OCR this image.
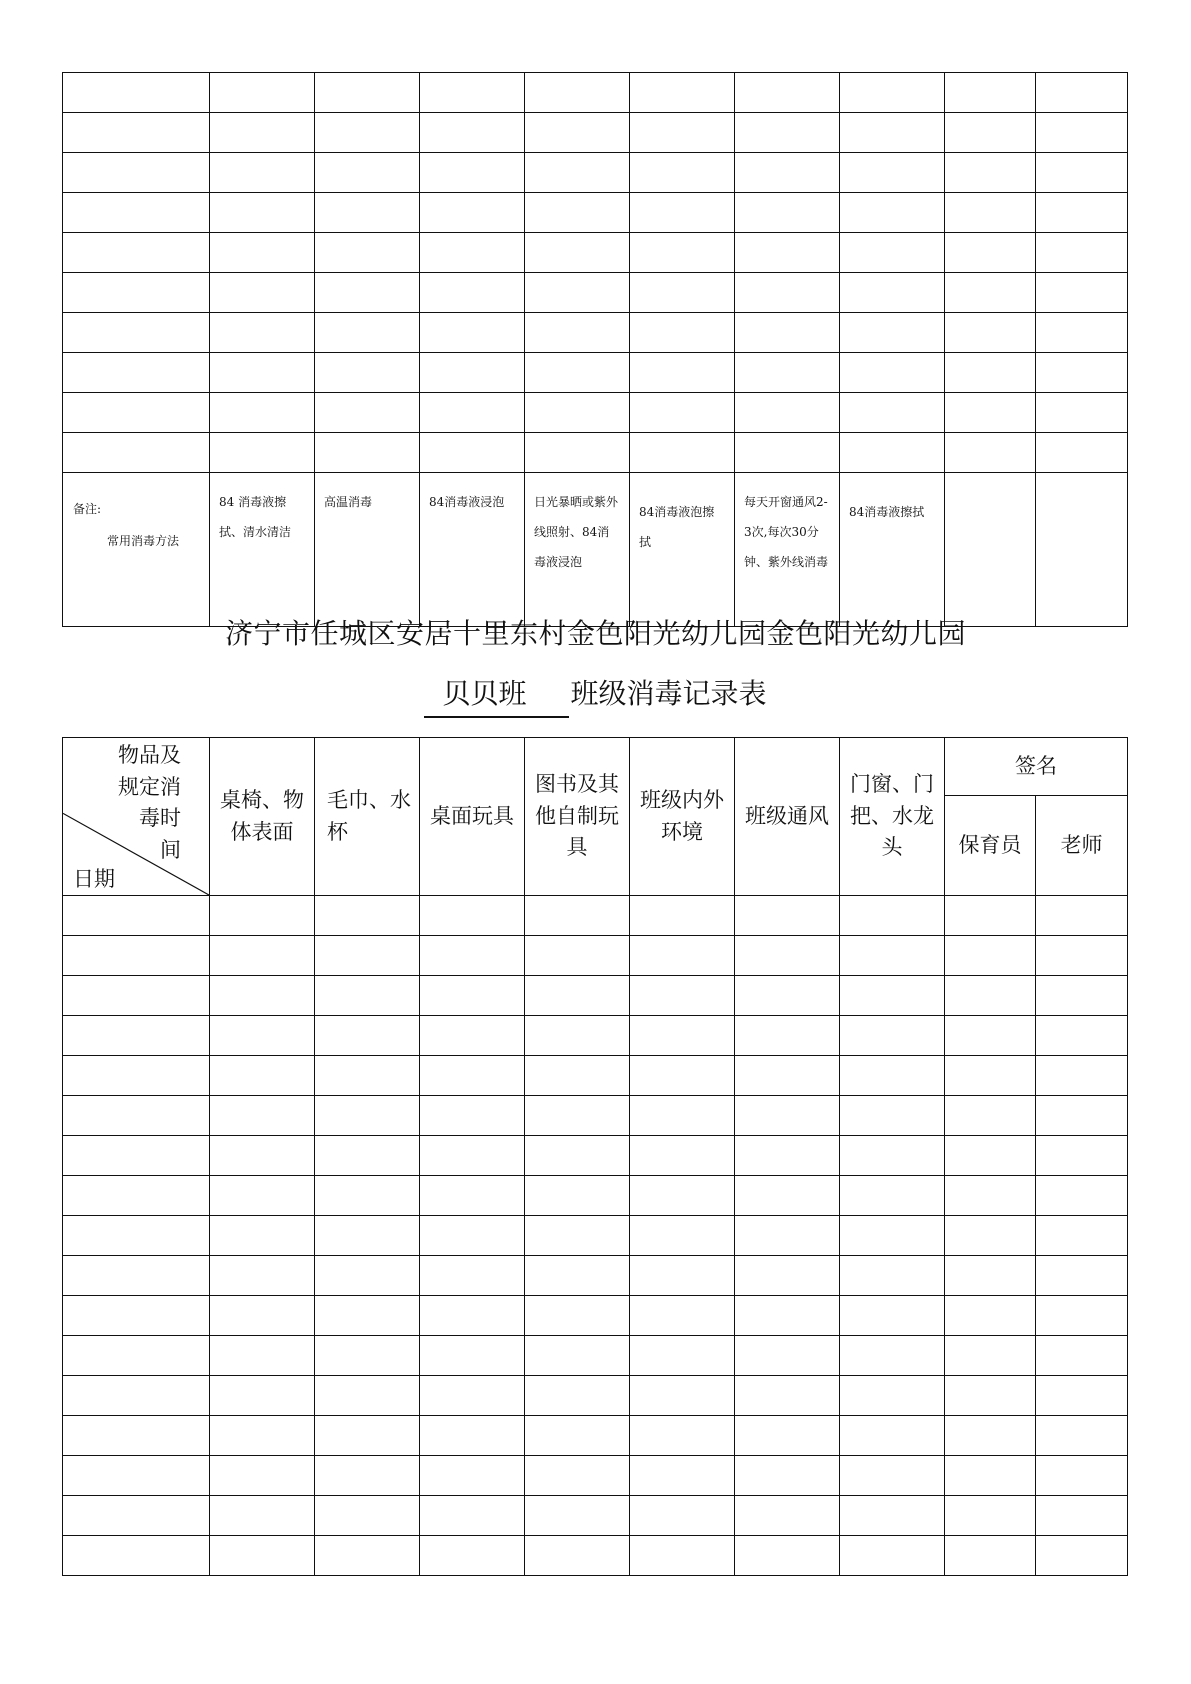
备注:
常用消毒方法	84 消毒液擦拭、清水清洁	高温消毒	84消毒液浸泡	日光暴晒或紫外线照射、84消毒液浸泡	84消毒液泡擦拭	每天开窗通风2-3次,每次30分钟、紫外线消毒	84消毒液擦拭		
济宁市任城区安居十里东村金色阳光幼儿园金色阳光幼儿园
贝贝班 班级消毒记录表
物品及
规定消
毒时
间
日期	桌椅、物体表面	毛巾、水杯	桌面玩具	图书及其他自制玩具	班级内外环境	班级通风	门窗、门把、水龙头	签名	
								保育员	老师
